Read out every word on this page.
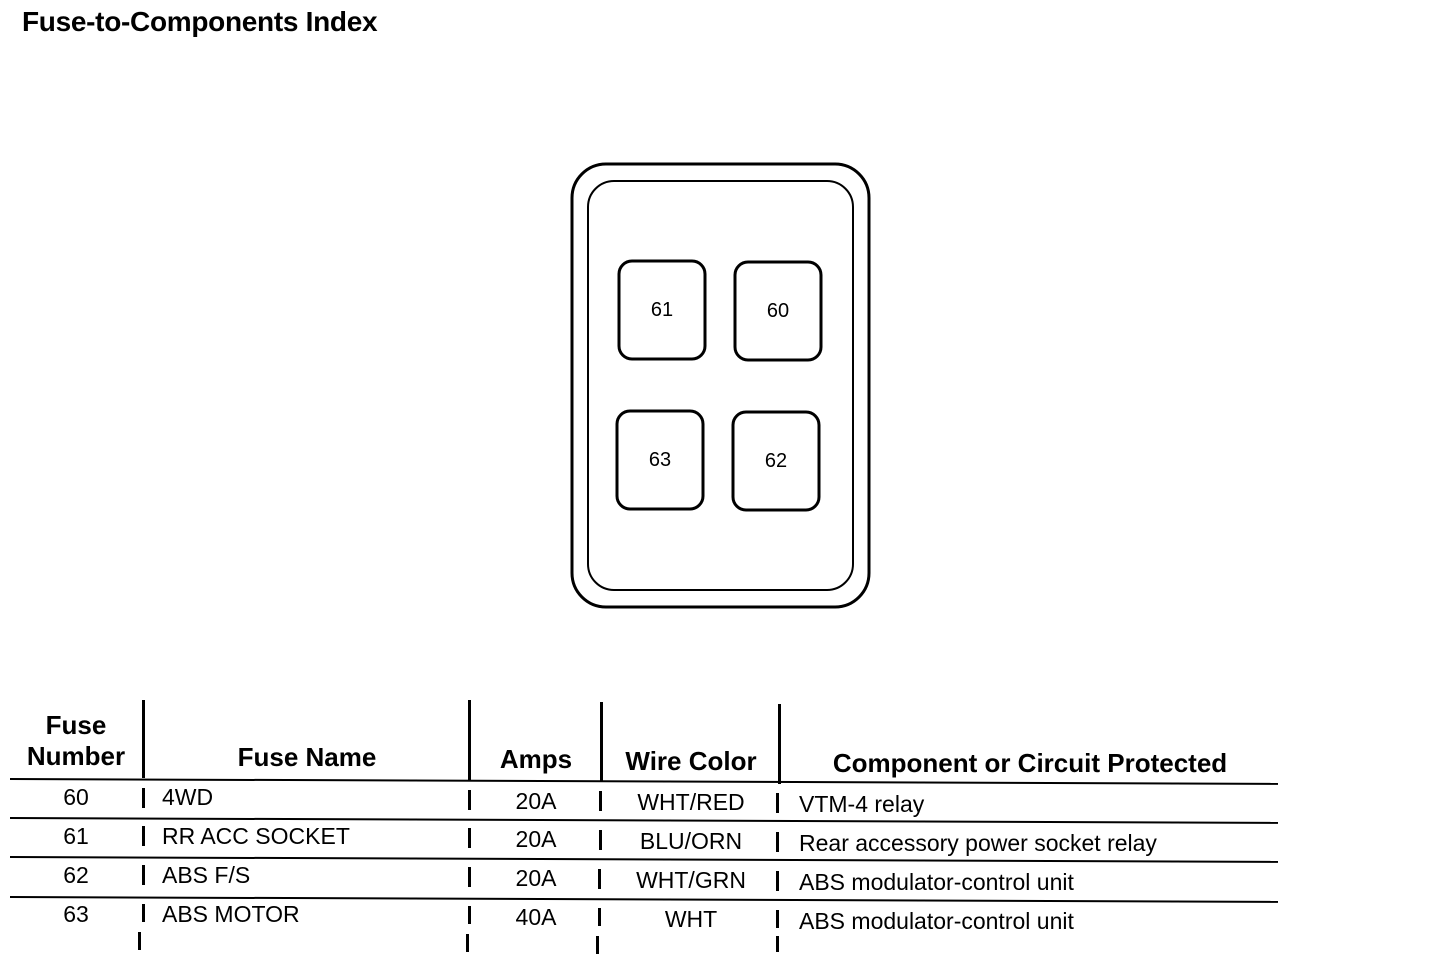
Fuse-to-Components Index
61	60
63	62
Fuse
Number	Fuse Name	Amps	Wire Color	Component or Circuit Protected
60	4WD	20A	WHT/RED	VTM-4 relay
61	RR ACC SOCKET	20A	BLU/ORN	Rear accessory power socket relay
62	ABS F/S	20A	WHT/GRN	ABS modulator-control unit
63	ABS MOTOR	40A	WHT	ABS modulator-control unit
